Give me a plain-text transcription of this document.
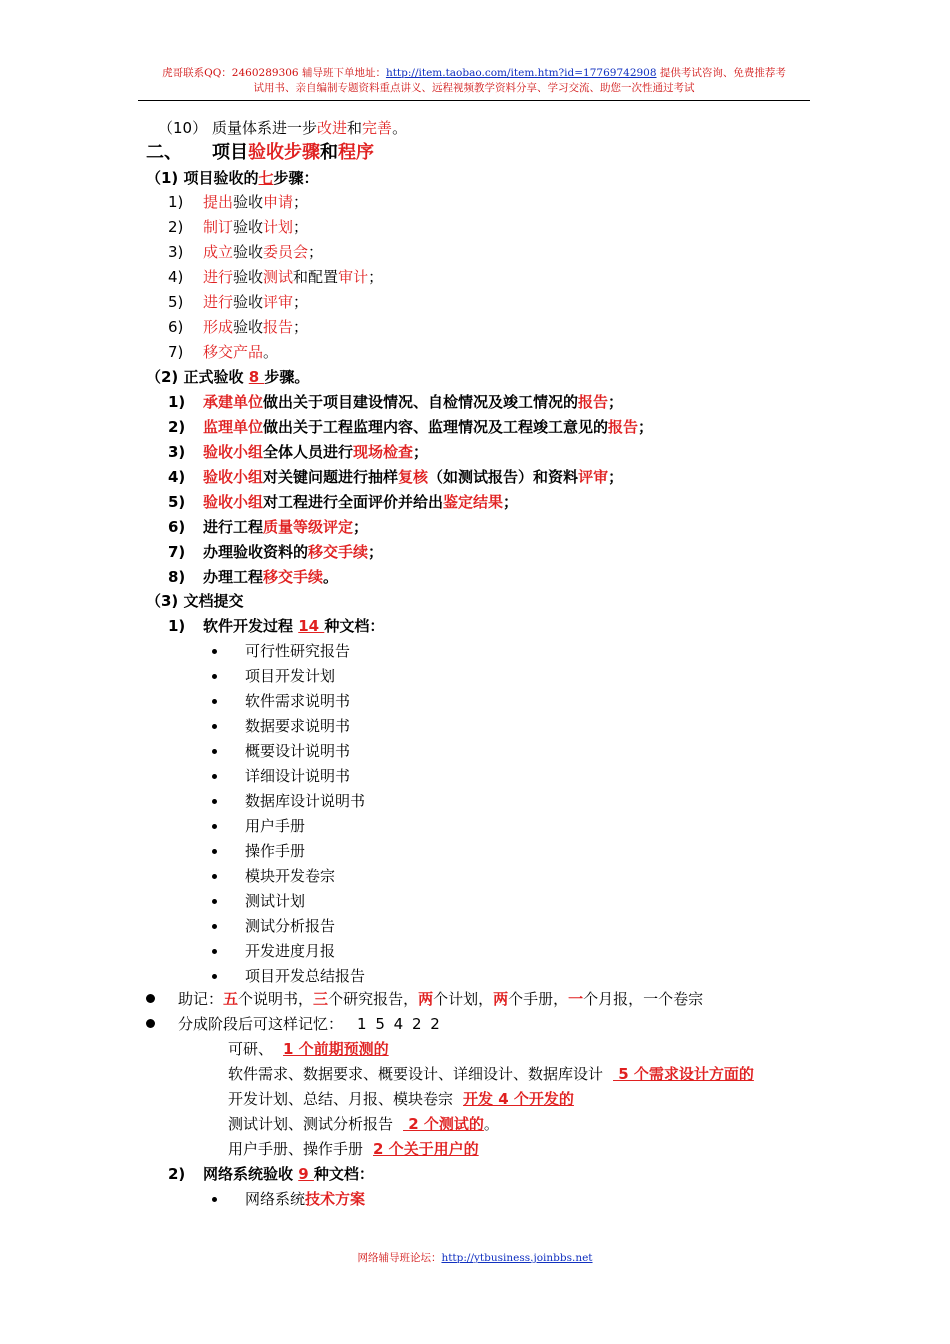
虎哥联系QQ：2460289306 辅导班下单地址：http://item.taobao.com/item.htm?id=17769742908 提供考试咨询、免费推荐考
试用书、亲自编制专题资料重点讲义、远程视频教学资料分享、学习交流、助您一次性通过考试
（10） 质量体系进一步改进和完善。
二、 项目验收步骤和程序
（1) 项目验收的七步骤：
1) 提出验收申请；
2) 制订验收计划；
3) 成立验收委员会；
4) 进行验收测试和配置审计；
5) 进行验收评审；
6) 形成验收报告；
7) 移交产品。
（2) 正式验收 8 步骤。
1) 承建单位做出关于项目建设情况、自检情况及竣工情况的报告；
2) 监理单位做出关于工程监理内容、监理情况及工程竣工意见的报告；
3) 验收小组全体人员进行现场检查；
4) 验收小组对关键问题进行抽样复核（如测试报告）和资料评审；
5) 验收小组对工程进行全面评价并给出鉴定结果；
6) 进行工程质量等级评定；
7) 办理验收资料的移交手续；
8) 办理工程移交手续。
（3) 文档提交
1) 软件开发过程 14 种文档：
可行性研究报告
项目开发计划
软件需求说明书
数据要求说明书
概要设计说明书
详细设计说明书
数据库设计说明书
用户手册
操作手册
模块开发卷宗
测试计划
测试分析报告
开发进度月报
项目开发总结报告
助记：五个说明书，三个研究报告，两个计划，两个手册，一个月报，一个卷宗
分成阶段后可这样记忆： 1 5 4 2 2
可研、 1 个前期预测的
软件需求、数据要求、概要设计、详细设计、数据库设计 5 个需求设计方面的
开发计划、总结、月报、模块卷宗 开发 4 个开发的
测试计划、测试分析报告 2 个测试的。
用户手册、操作手册 2 个关于用户的
2) 网络系统验收 9 种文档：
网络系统技术方案
网络辅导班论坛：http://ytbusiness.joinbbs.net
